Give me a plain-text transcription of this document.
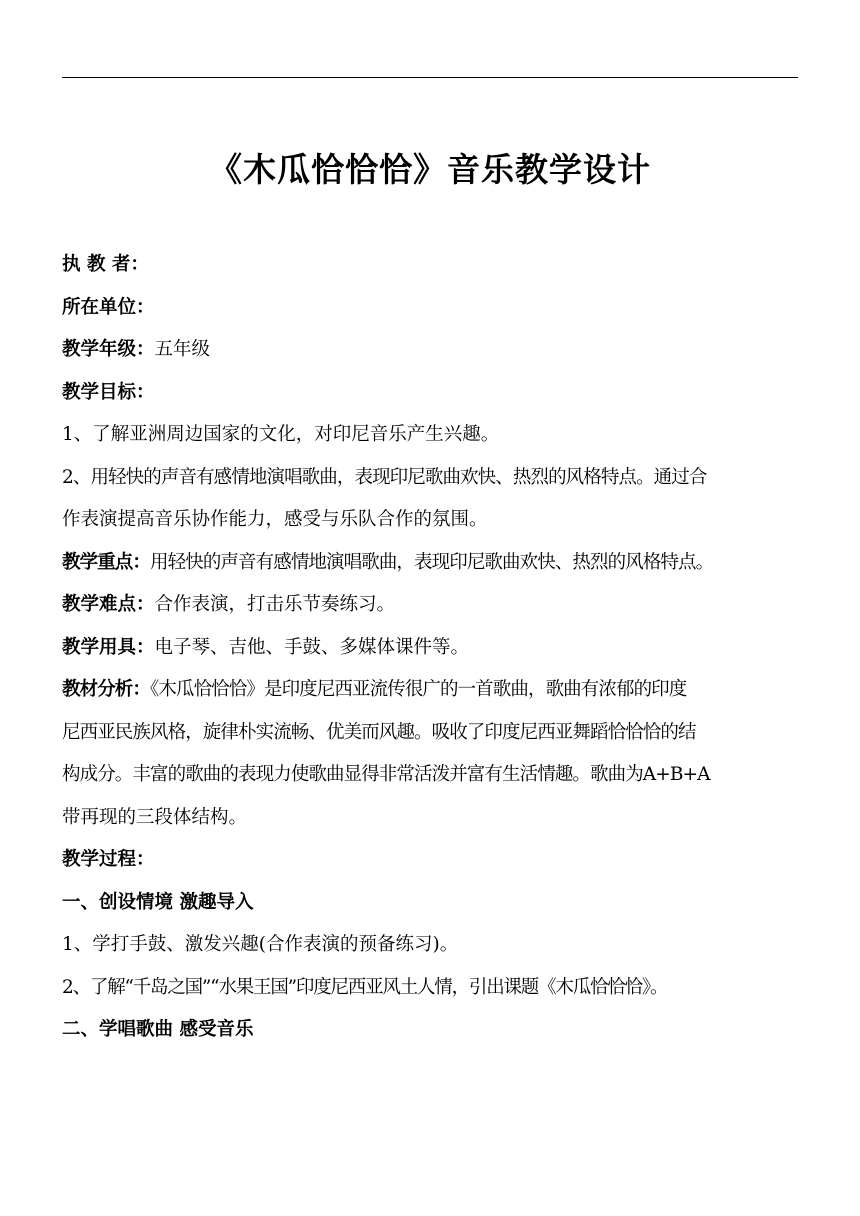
《木瓜恰恰恰》音乐教学设计
执 教 者：
所在单位：
教学年级：五年级
教学目标：
1、了解亚洲周边国家的文化，对印尼音乐产生兴趣。
2、用轻快的声音有感情地演唱歌曲，表现印尼歌曲欢快、热烈的风格特点。通过合
作表演提高音乐协作能力，感受与乐队合作的氛围。
教学重点：用轻快的声音有感情地演唱歌曲，表现印尼歌曲欢快、热烈的风格特点。
教学难点：合作表演，打击乐节奏练习。
教学用具：电子琴、吉他、手鼓、多媒体课件等。
教材分析：《木瓜恰恰恰》是印度尼西亚流传很广的一首歌曲，歌曲有浓郁的印度
尼西亚民族风格，旋律朴实流畅、优美而风趣。吸收了印度尼西亚舞蹈恰恰恰的结
构成分。丰富的歌曲的表现力使歌曲显得非常活泼并富有生活情趣。歌曲为A+B+A
带再现的三段体结构。
教学过程：
一、创设情境 激趣导入
1、学打手鼓、激发兴趣(合作表演的预备练习)。
2、了解“千岛之国”“水果王国”印度尼西亚风土人情，引出课题《木瓜恰恰恰》。
二、学唱歌曲 感受音乐
